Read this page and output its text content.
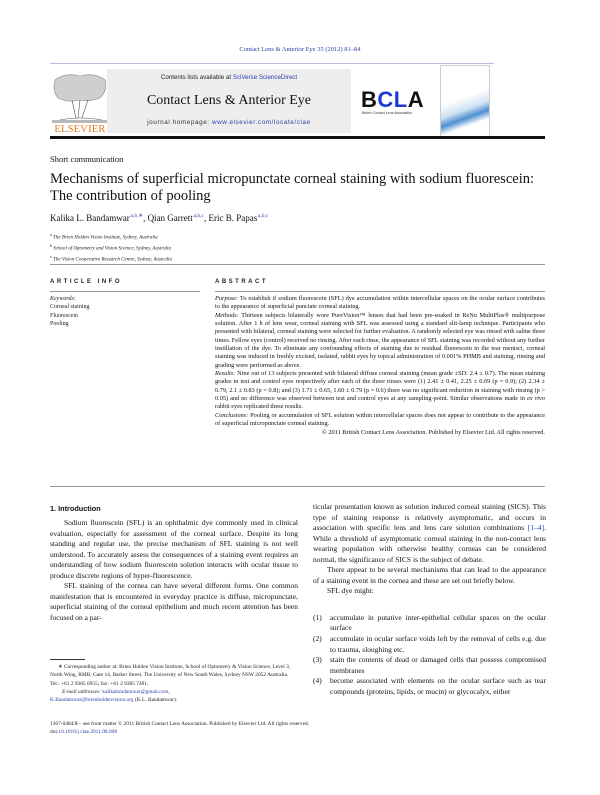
Contact Lens & Anterior Eye 35 (2012) 81–84
ELSEVIER
Contents lists available at SciVerse ScienceDirect
Contact Lens & Anterior Eye
journal homepage: www.elsevier.com/locate/clae
BCLA
British Contact Lens Association
Short communication
Mechanisms of superficial micropunctate corneal staining with sodium fluorescein: The contribution of pooling
Kalika L. Bandamwar $^{a,b,∗}$, Qian Garrett $^{a,b,c}$, Eric B. Papas $^{a,b,c}$
$^a$ The Brien Holden Vision Institute, Sydney, Australia
$^b$ School of Optometry and Vision Science, Sydney, Australia
$^c$ The Vision Cooperative Research Centre, Sydney, Australia
ARTICLE INFO
Keywords:
Corneal staining
Fluorescein
Pooling
ABSTRACT
Purpose: To establish if sodium fluorescein (SFL) dye accumulation within intercellular spaces on the ocular surface contributes to the appearance of superficial punctate corneal staining.
Methods: Thirteen subjects bilaterally wore PureVision™ lenses that had been pre-soaked in ReNu MultiPlus® multipurpose solution. After 1 h of lens wear, corneal staining with SFL was assessed using a standard slit-lamp technique. Participants who presented with bilateral, corneal staining were selected for further evaluation. A randomly selected eye was rinsed with saline three times. Fellow eyes (control) received no rinsing. After each rinse, the appearance of SFL staining was recorded without any further instillation of the dye. To eliminate any confounding effects of staining due to residual fluorescein in the tear menisci, corneal staining was induced in freshly excised, isolated, rabbit eyes by topical administration of 0.001% PHMB and staining, rinsing and grading were performed as above.
Results: Nine out of 13 subjects presented with bilateral diffuse corneal staining (mean grade ±SD: 2.4 ± 0.7). The mean staining grades in test and control eyes respectively after each of the three rinses were (1) 2.41 ± 0.41, 2.25 ± 0.69 (p = 0.9); (2) 2.34 ± 0.79, 2.1 ± 0.83 (p = 0.8); and (3) 1.71 ± 0.65, 1.60 ± 0.79 (p = 0.6) there was no significant reduction in staining with rinsing (p > 0.05) and no difference was observed between test and control eyes at any sampling-point. Similar observations made in ex vivo rabbit eyes replicated these results.
Conclusions: Pooling or accumulation of SFL solution within intercellular spaces does not appear to contribute to the appearance of superficial micropunctate corneal staining.
© 2011 British Contact Lens Association. Published by Elsevier Ltd. All rights reserved.
1. Introduction

Sodium fluorescein (SFL) is an ophthalmic dye commonly used in clinical evaluation, especially for assessment of the corneal surface. Despite its long standing and regular use, the precise mechanism of SFL staining is not well understood. To accurately assess the consequences of a staining event requires an understanding of how sodium fluorescein solution interacts with ocular tissue to produce discrete regions of hyper-fluorescence.

SFL staining of the cornea can have several different forms. One common manifestation that is encountered in everyday practice is diffuse, micropunctate, superficial staining of the corneal epithelium and much recent attention has been focused on a par-

ticular presentation known as solution induced corneal staining (SICS). This type of staining response is relatively asymptomatic, and occurs in association with specific lens and lens care solution combinations [1–4]. While a threshold of asymptomatic corneal staining in the non-contact lens wearing population with otherwise healthy corneas can be considered normal, the significance of SICS is the subject of debate.

There appear to be several mechanisms that can lead to the appearance of a staining event in the cornea and these are set out briefly below.

SFL dye might:

(1)	accumulate in putative inter-epithelial cellular spaces on the ocular surface
(2)	accumulate in ocular surface voids left by the removal of cells e.g. due to trauma, sloughing etc.
(3)	stain the contents of dead or damaged cells that possess compromised membranes
(4)	become associated with elements on the ocular surface such as tear compounds (proteins, lipids, or mucin) or glycocalyx, either
∗ Corresponding author at: Brien Holden Vision Institute, School of Optometry & Vision Science, Level 3, North Wing, RMB, Gate 14, Barker Street, The University of New South Wales, Sydney NSW 2052 Australia. Tel.: +61 2 9385 6955; fax: +61 2 9385 7401.
E-mail addresses: kalikabandamwar@gmail.com,
K.Bandamwar@brienholdenvision.org (K.L. Bandamwar).
1367-0484/$ – see front matter © 2011 British Contact Lens Association. Published by Elsevier Ltd. All rights reserved.
doi:10.1016/j.clae.2011.08.008
